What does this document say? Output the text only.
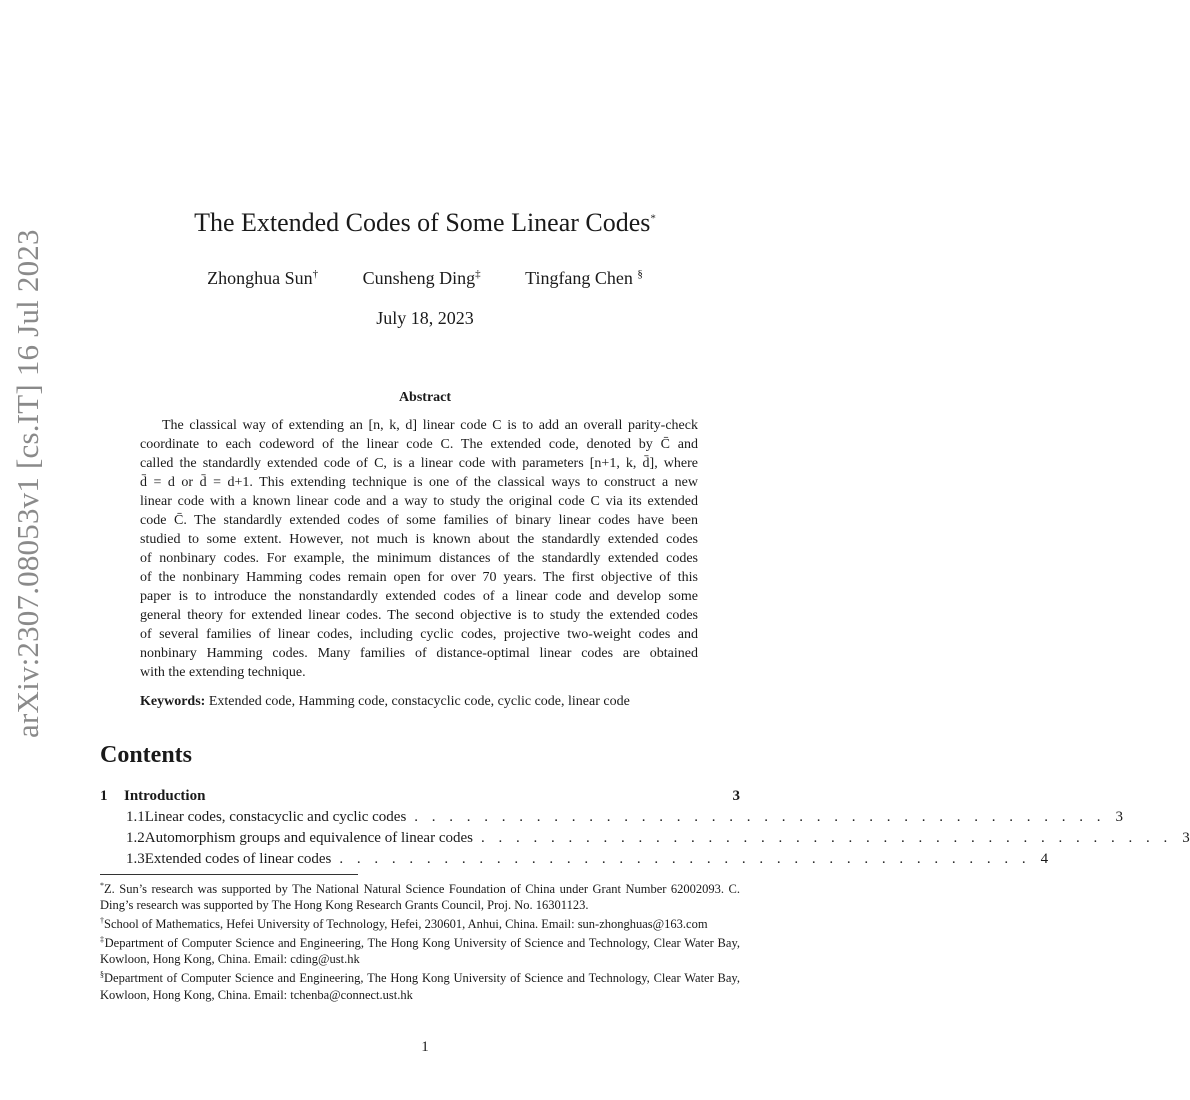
arXiv:2307.08053v1 [cs.IT] 16 Jul 2023
The Extended Codes of Some Linear Codes*
Zhonghua Sun† Cunsheng Ding‡ Tingfang Chen §
July 18, 2023
Abstract
The classical way of extending an [n, k, d] linear code C is to add an overall parity-check
coordinate to each codeword of the linear code C. The extended code, denoted by C̄ and
called the standardly extended code of C, is a linear code with parameters [n+1, k, d̄], where
d̄ = d or d̄ = d+1. This extending technique is one of the classical ways to construct a new
linear code with a known linear code and a way to study the original code C via its extended
code C̄. The standardly extended codes of some families of binary linear codes have been
studied to some extent. However, not much is known about the standardly extended codes
of nonbinary codes. For example, the minimum distances of the standardly extended codes
of the nonbinary Hamming codes remain open for over 70 years. The first objective of this
paper is to introduce the nonstandardly extended codes of a linear code and develop some
general theory for extended linear codes. The second objective is to study the extended codes
of several families of linear codes, including cyclic codes, projective two-weight codes and
nonbinary Hamming codes. Many families of distance-optimal linear codes are obtained
with the extending technique.
Keywords: Extended code, Hamming code, constacyclic code, cyclic code, linear code
Contents
1	Introduction	3
1.1 Linear codes, constacyclic and cyclic codes . . . . . . . . . . . . . . . . . . . . . . . . . . . . . . . . . . . . . . . . 3
1.2 Automorphism groups and equivalence of linear codes . . . . . . . . . . . . . . . . . . . . . . . . . . . . . . . . . . . . . . . . 3
1.3 Extended codes of linear codes . . . . . . . . . . . . . . . . . . . . . . . . . . . . . . . . . . . . . . . . 4
*Z. Sun’s research was supported by The National Natural Science Foundation of China under Grant Number 62002093. C. Ding’s research was supported by The Hong Kong Research Grants Council, Proj. No. 16301123.
†School of Mathematics, Hefei University of Technology, Hefei, 230601, Anhui, China. Email: sun-zhonghuas@163.com
‡Department of Computer Science and Engineering, The Hong Kong University of Science and Technology, Clear Water Bay, Kowloon, Hong Kong, China. Email: cding@ust.hk
§Department of Computer Science and Engineering, The Hong Kong University of Science and Technology, Clear Water Bay, Kowloon, Hong Kong, China. Email: tchenba@connect.ust.hk
1
